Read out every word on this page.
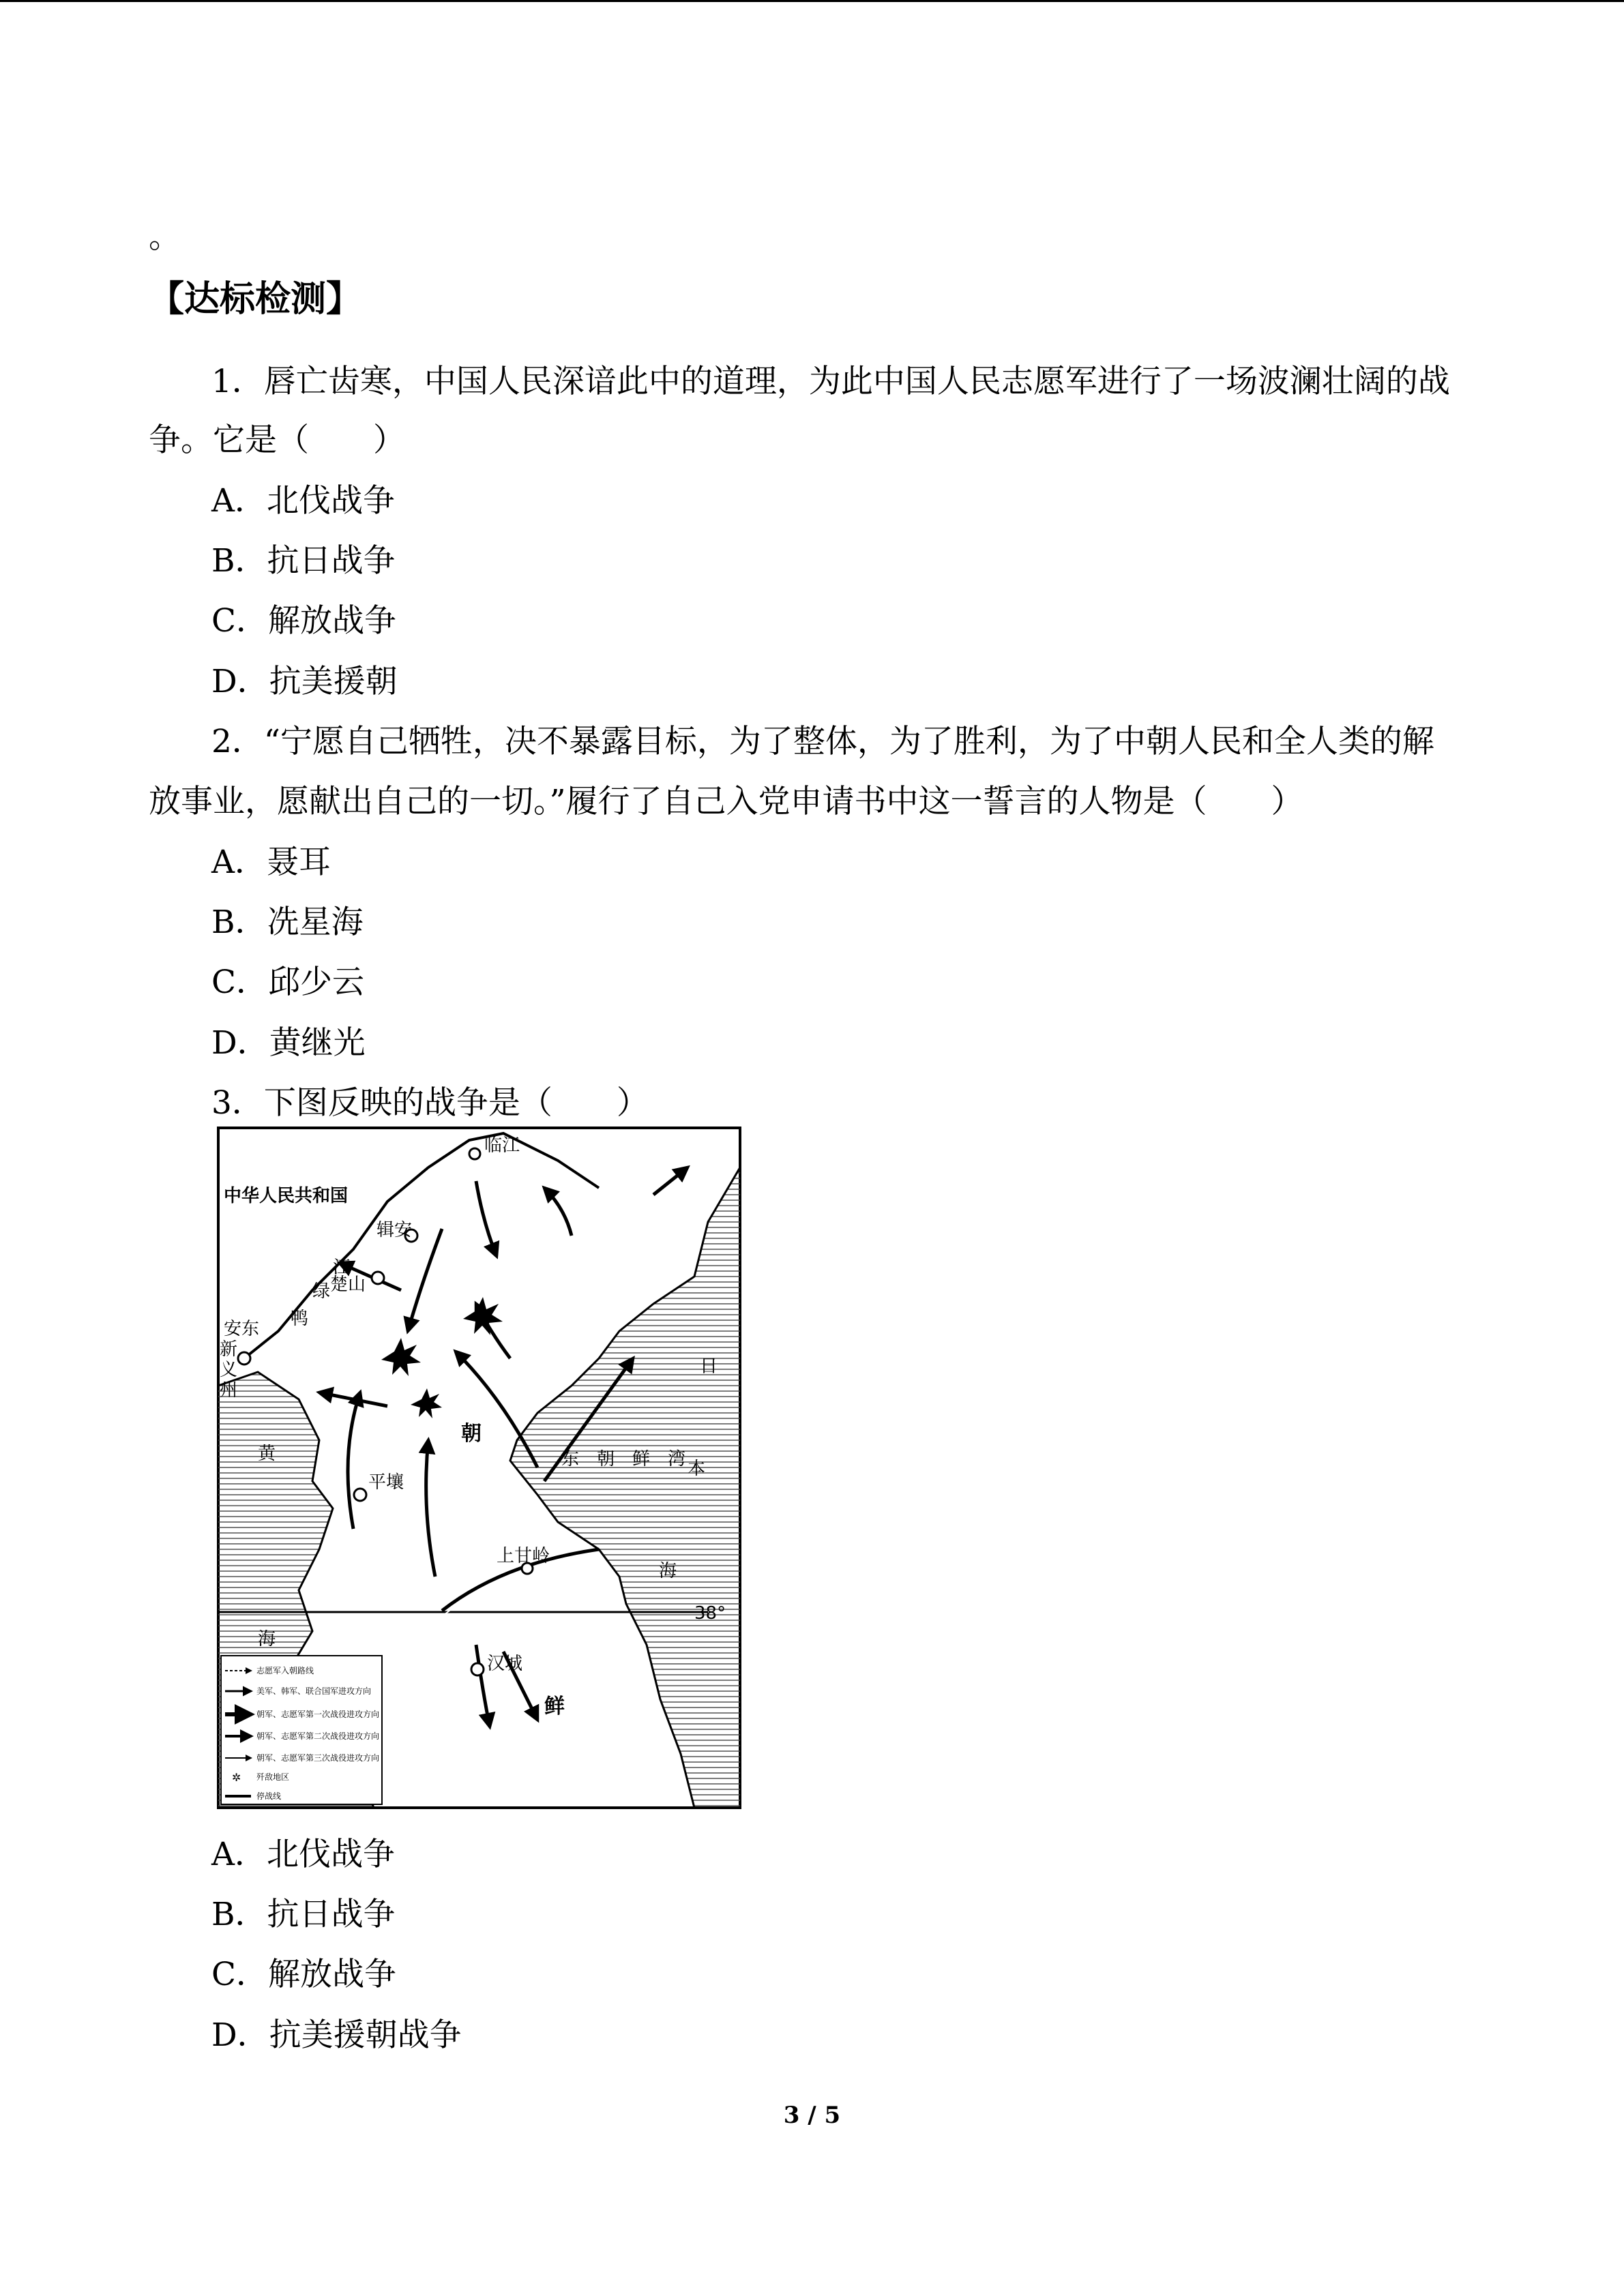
。
【达标检测】
1．唇亡齿寒，中国人民深谙此中的道理，为此中国人民志愿军进行了一场波澜壮阔的战
争。它是（　　）
A．北伐战争
B．抗日战争
C．解放战争
D．抗美援朝
2．“宁愿自己牺牲，决不暴露目标，为了整体，为了胜利，为了中朝人民和全人类的解
放事业，愿献出自己的一切。”履行了自己入党申请书中这一誓言的人物是（　　）
A．聂耳
B．冼星海
C．邱少云
D．黄继光
3．下图反映的战争是（　　）
临江
辑安
楚山
安东
新
义
州
平壤
上甘岭
汉城
鸭
绿
江
黄
海
日
本
海
38°
中华人民共和国
朝
鲜
东　朝　鲜　湾
✲
志愿军入朝路线
美军、韩军、联合国军进攻方向
朝军、志愿军第一次战役进攻方向
朝军、志愿军第二次战役进攻方向
朝军、志愿军第三次战役进攻方向
歼敌地区
停战线
A．北伐战争
B．抗日战争
C．解放战争
D．抗美援朝战争
3 / 5
